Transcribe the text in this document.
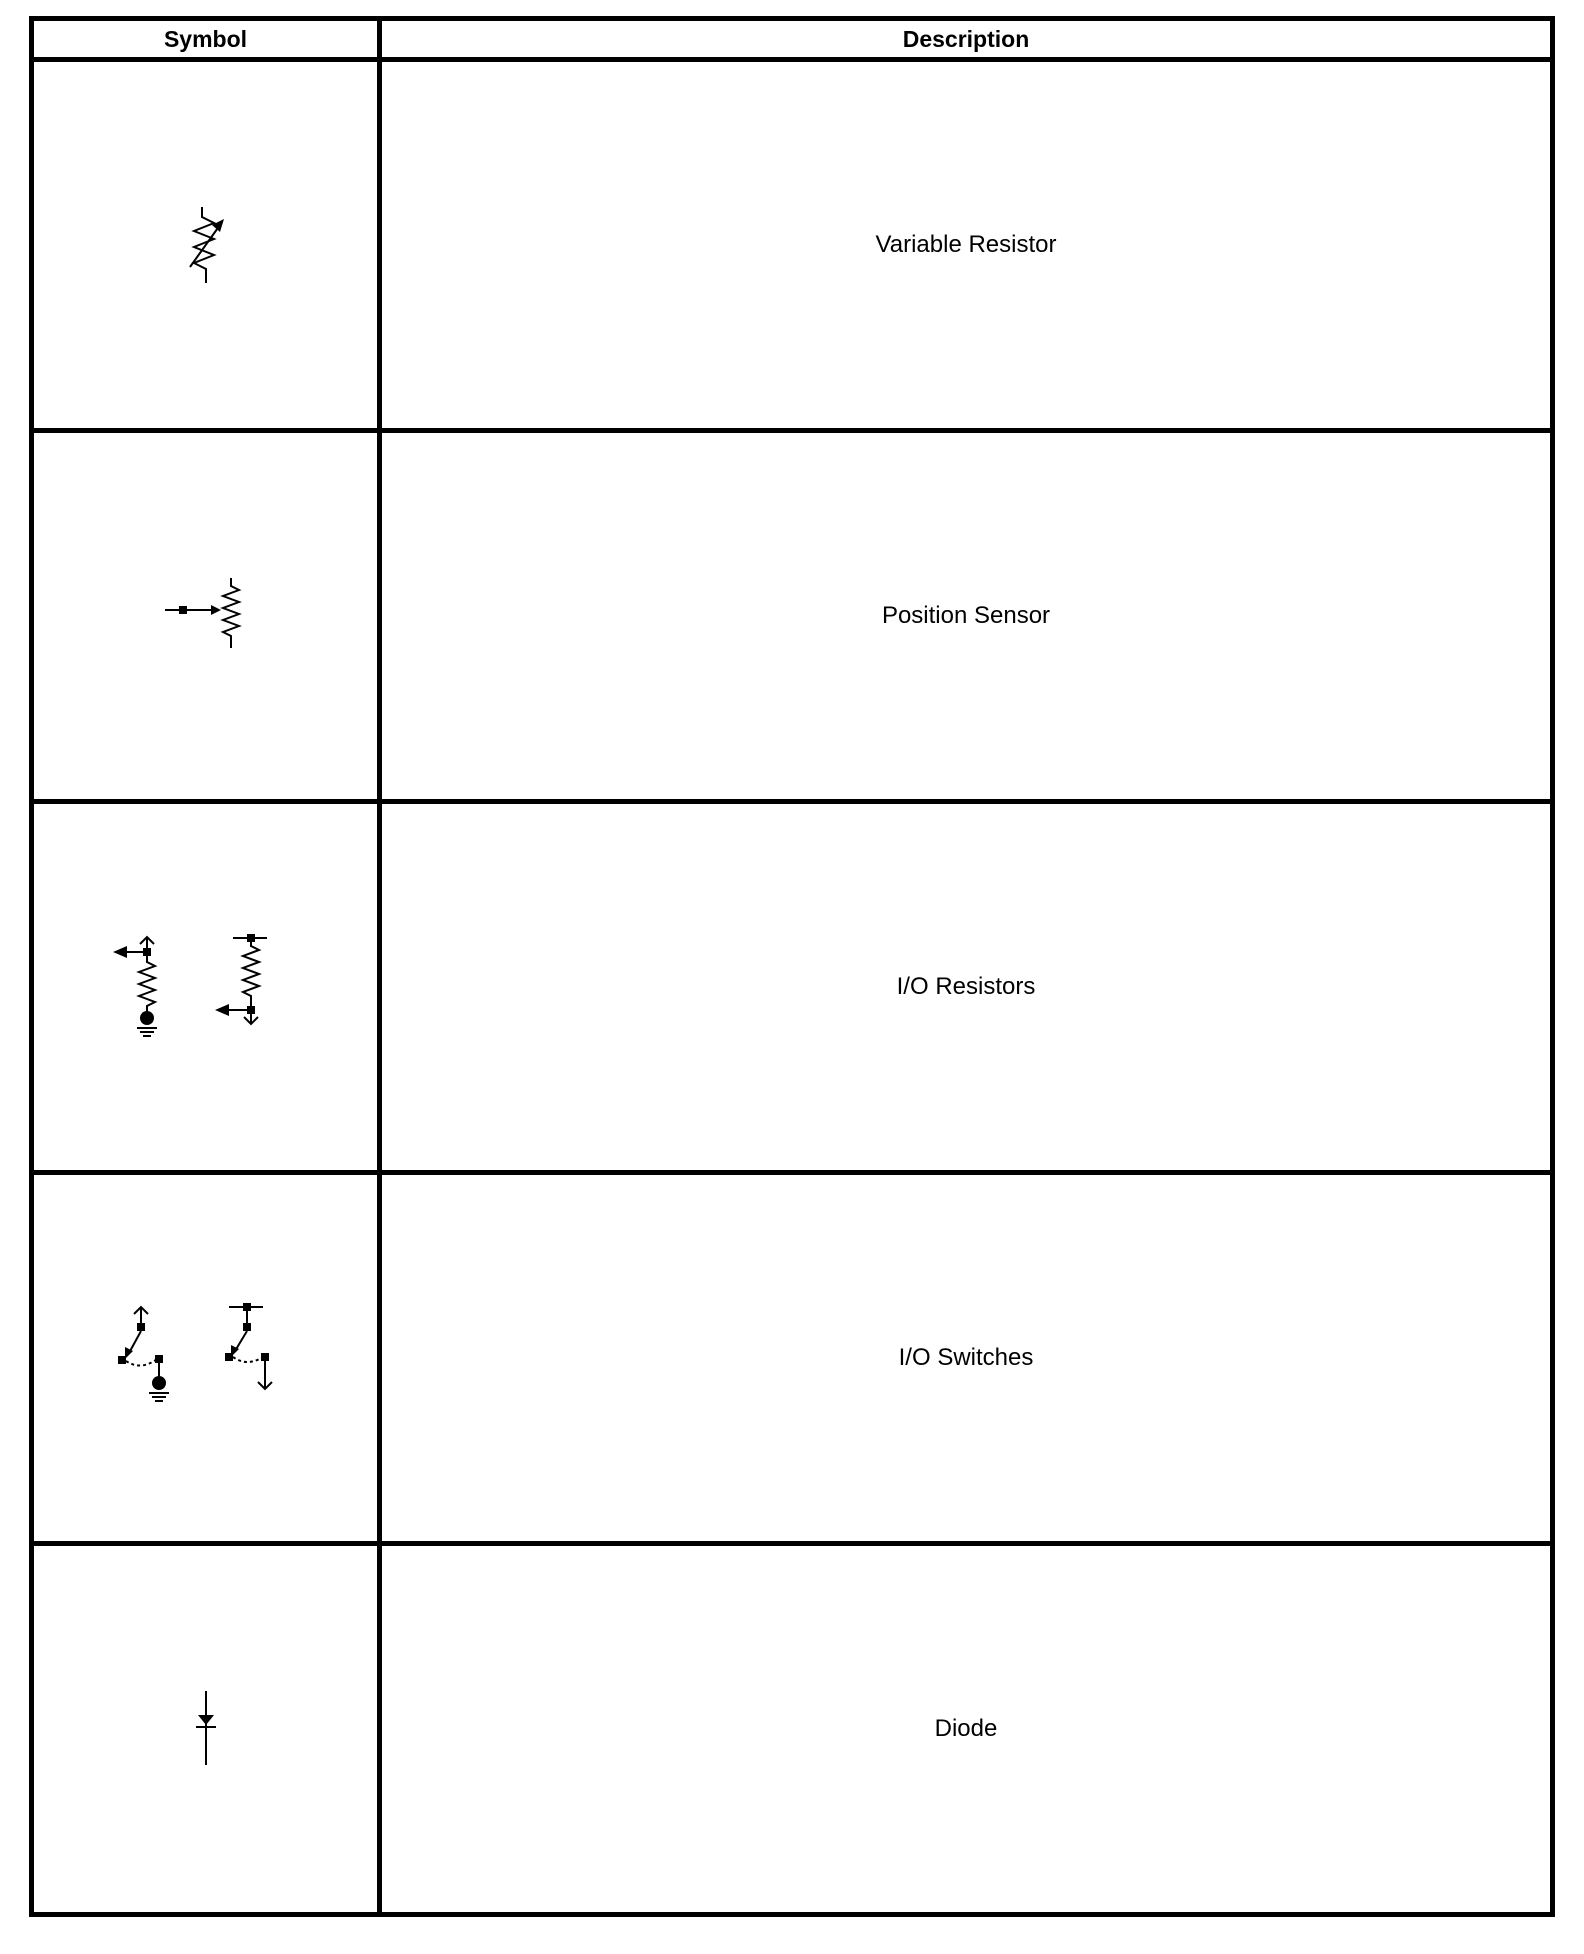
Symbol	Description

	Variable Resistor

	Position Sensor

	I/O Resistors

	I/O Switches

	Diode
